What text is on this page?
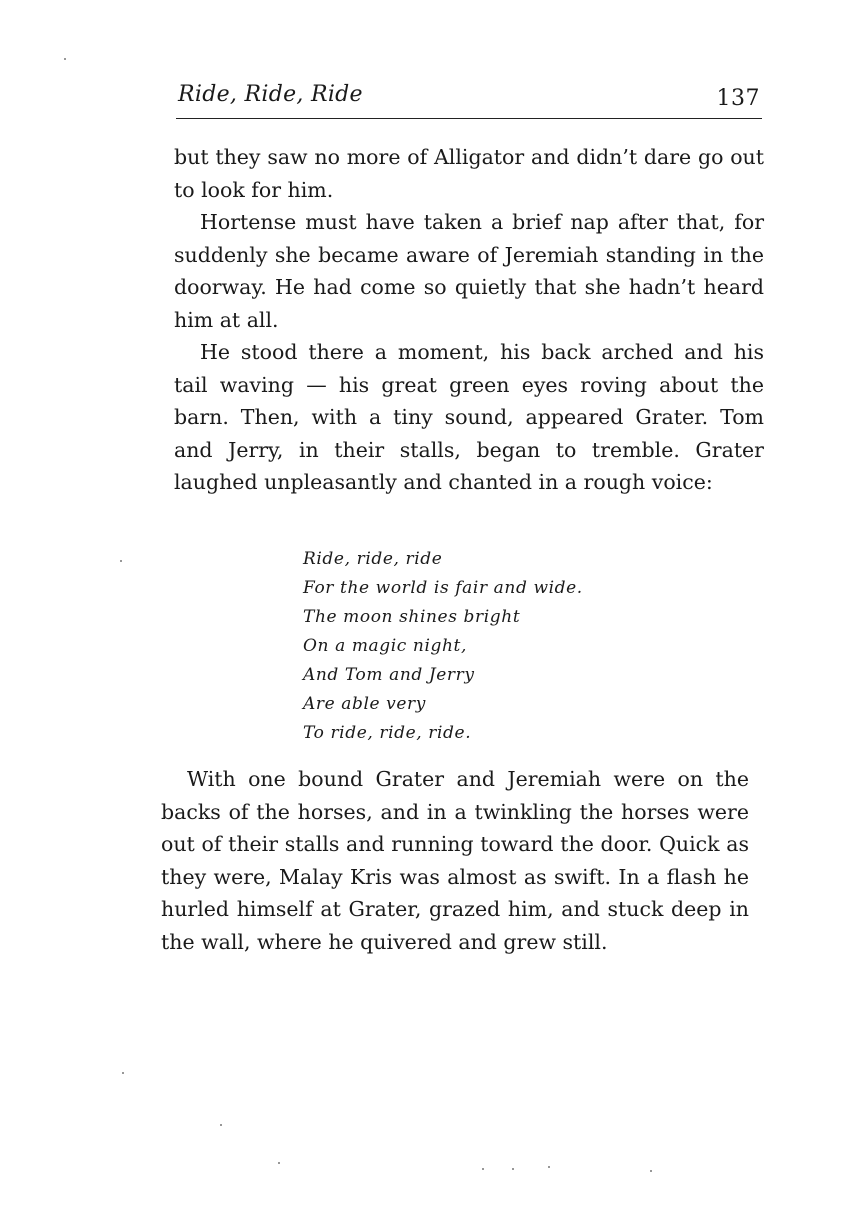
Ride, Ride, Ride	137

but they saw no more of Alligator and didn’t dare go out to look for him.

Hortense must have taken a brief nap after that, for suddenly she became aware of Jeremiah standing in the doorway. He had come so quietly that she hadn’t heard him at all.

He stood there a moment, his back arched and his tail waving — his great green eyes roving about the barn. Then, with a tiny sound, appeared Grater. Tom and Jerry, in their stalls, began to tremble. Grater laughed unpleasantly and chanted in a rough voice:

Ride, ride, ride
For the world is fair and wide.
The moon shines bright
On a magic night,
And Tom and Jerry
Are able very
To ride, ride, ride.

With one bound Grater and Jeremiah were on the backs of the horses, and in a twinkling the horses were out of their stalls and running toward the door. Quick as they were, Malay Kris was almost as swift. In a flash he hurled himself at Grater, grazed him, and stuck deep in the wall, where he quivered and grew still.
